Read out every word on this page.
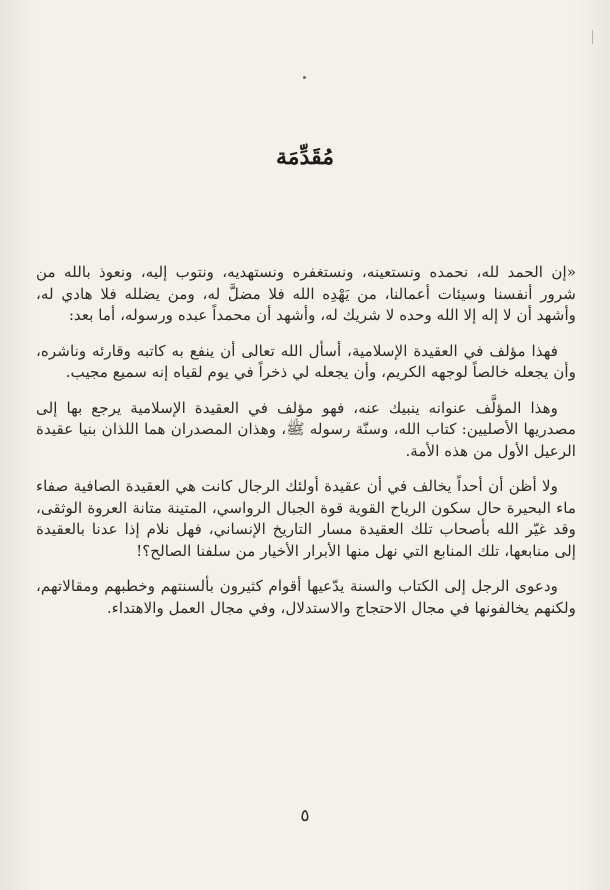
مُقَدِّمَة

«إن الحمد لله، نحمده ونستعينه، ونستغفره ونستهديه، ونتوب إليه، ونعوذ بالله من شرور أنفسنا وسيئات أعمالنا، من يَهْدِه الله فلا مضلَّ له، ومن يضلله فلا هادي له، وأشهد أن لا إله إلا الله وحده لا شريك له، وأشهد أن محمداً عبده ورسوله، أما بعد:

فهذا مؤلف في العقيدة الإسلامية، أسأل الله تعالى أن ينفع به كاتبه وقارئه وناشره، وأن يجعله خالصاً لوجهه الكريم، وأن يجعله لي ذخراً في يوم لقياه إنه سميع مجيب.

وهذا المؤلَّف عنوانه ينبيك عنه، فهو مؤلف في العقيدة الإسلامية يرجع بها إلى مصدريها الأصليين: كتاب الله، وسنّة رسوله ﷺ، وهذان المصدران هما اللذان بنيا عقيدة الرعيل الأول من هذه الأمة.

ولا أظن أن أحداً يخالف في أن عقيدة أولئك الرجال كانت هي العقيدة الصافية صفاء ماء البحيرة حال سكون الرياح القوية قوة الجبال الرواسي، المتينة متانة العروة الوثقى، وقد غيّر الله بأصحاب تلك العقيدة مسار التاريخ الإنساني، فهل نلام إذا عدنا بالعقيدة إلى منابعها، تلك المنابع التي نهل منها الأبرار الأخيار من سلفنا الصالح؟!

ودعوى الرجل إلى الكتاب والسنة يدّعيها أقوام كثيرون بألسنتهم وخطبهم ومقالاتهم، ولكنهم يخالفونها في مجال الاحتجاج والاستدلال، وفي مجال العمل والاهتداء.

٥
